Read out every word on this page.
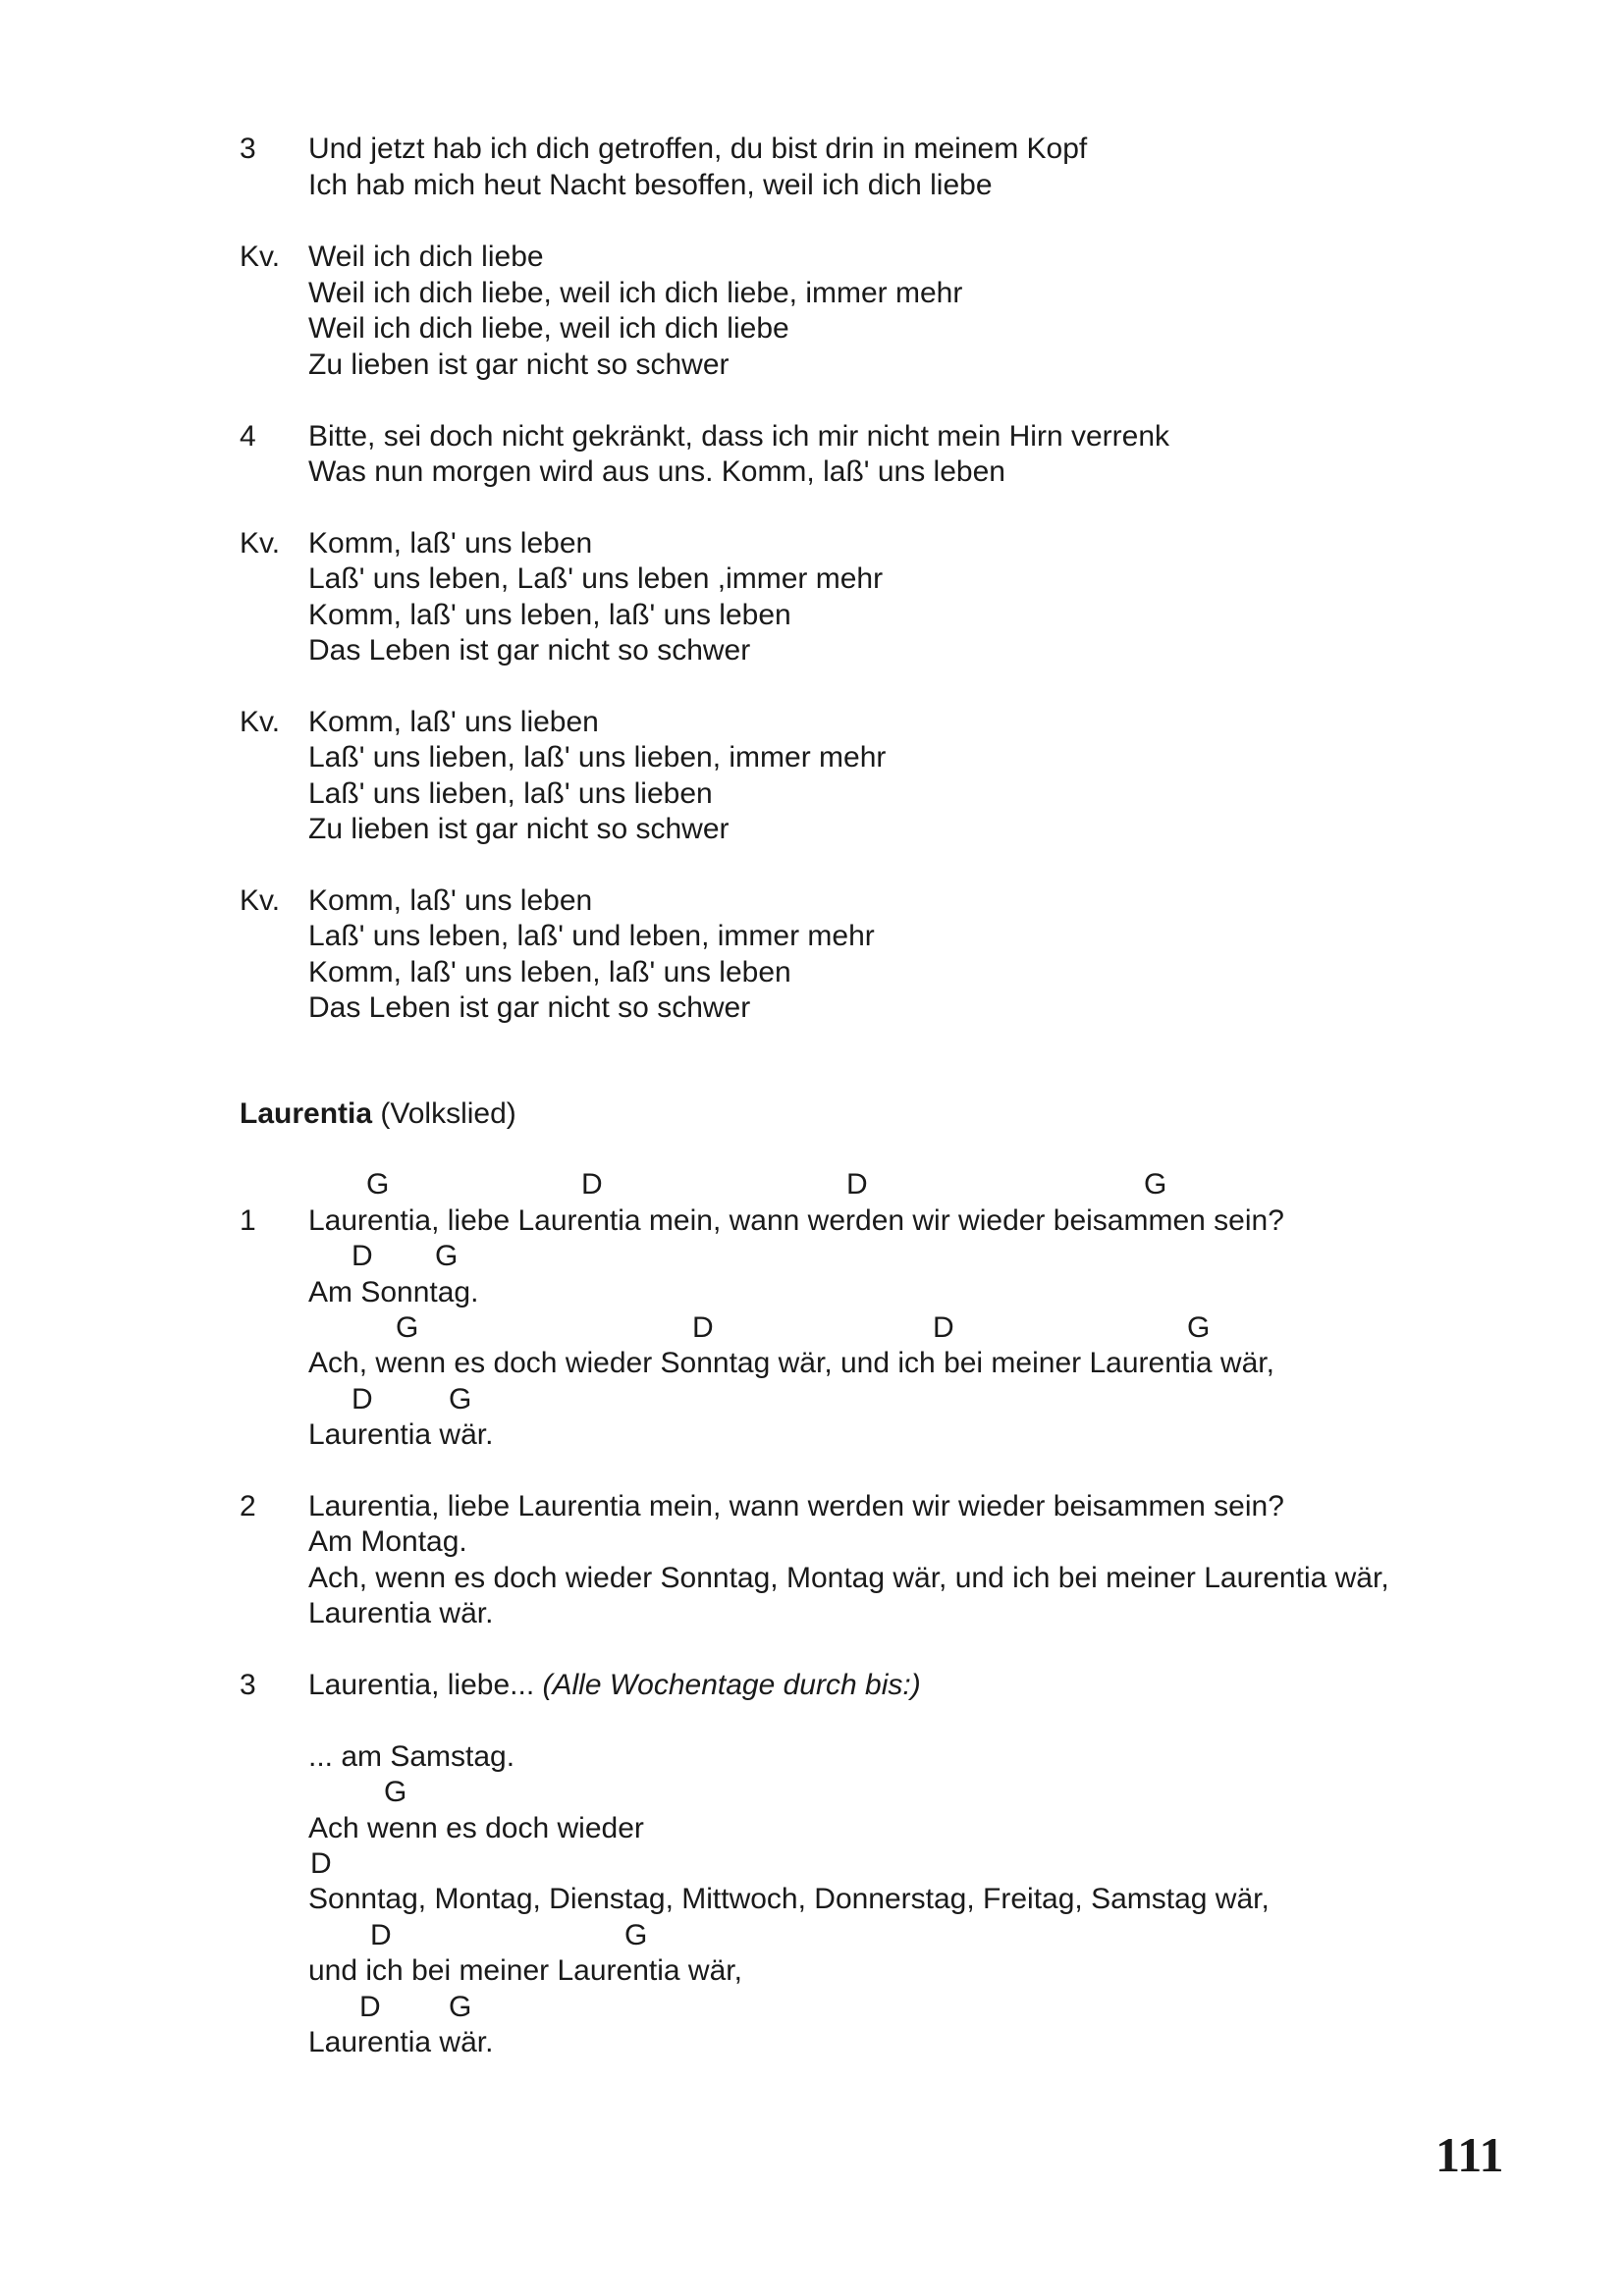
3 Und jetzt hab ich dich getroffen, du bist drin in meinem Kopf
Ich hab mich heut Nacht besoffen, weil ich dich liebe
Kv. Weil ich dich liebe
Weil ich dich liebe, weil ich dich liebe, immer mehr
Weil ich dich liebe, weil ich dich liebe
Zu lieben ist gar nicht so schwer
4 Bitte, sei doch nicht gekränkt, dass ich mir nicht mein Hirn verrenk
Was nun morgen wird aus uns. Komm, laß' uns leben
Kv. Komm, laß' uns leben
Laß' uns leben, Laß' uns leben ,immer mehr
Komm, laß' uns leben, laß' uns leben
Das Leben ist gar nicht so schwer
Kv. Komm, laß' uns lieben
Laß' uns lieben, laß' uns lieben, immer mehr
Laß' uns lieben, laß' uns lieben
Zu lieben ist gar nicht so schwer
Kv. Komm, laß' uns leben
Laß' uns leben, laß' und leben, immer mehr
Komm, laß' uns leben, laß' uns leben
Das Leben ist gar nicht so schwer
Laurentia (Volkslied)
G	D	D	G
1 Laurentia, liebe Laurentia mein, wann werden wir wieder beisammen sein?
D G
Am Sonntag.
G	D	D	G
Ach, wenn es doch wieder Sonntag wär, und ich bei meiner Laurentia wär,
D	G
Laurentia wär.
2 Laurentia, liebe Laurentia mein, wann werden wir wieder beisammen sein?
Am Montag.
Ach, wenn es doch wieder Sonntag, Montag wär, und ich bei meiner Laurentia wär,
Laurentia wär.
3 Laurentia, liebe... (Alle Wochentage durch bis:)
... am Samstag.
G
Ach wenn es doch wieder
D
Sonntag, Montag, Dienstag, Mittwoch, Donnerstag, Freitag, Samstag wär,
D	G
und ich bei meiner Laurentia wär,
D G
Laurentia wär.
111
